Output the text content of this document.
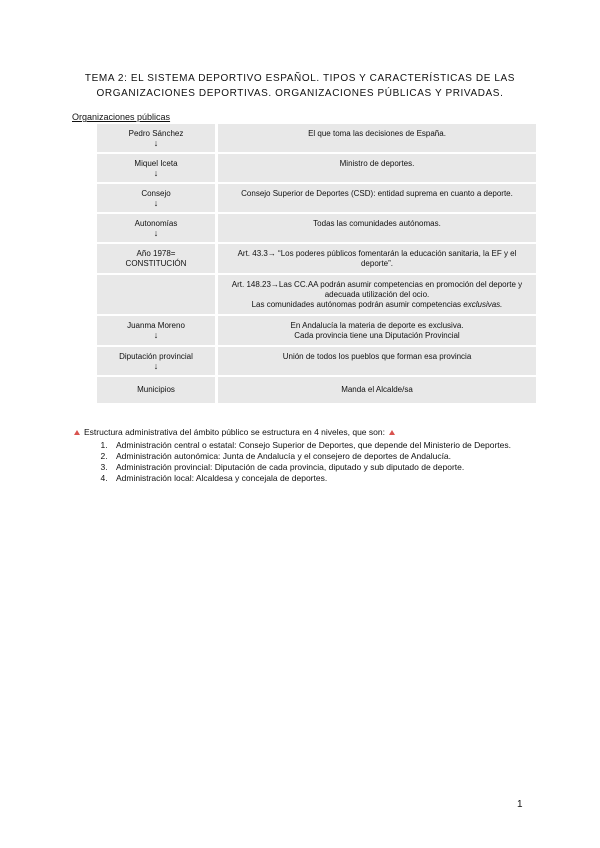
TEMA 2: EL SISTEMA DEPORTIVO ESPAÑOL. TIPOS Y CARACTERÍSTICAS DE LAS ORGANIZACIONES DEPORTIVAS. ORGANIZACIONES PÚBLICAS Y PRIVADAS.
Organizaciones públicas
Pedro Sánchez
↓	El que toma las decisiones de España.
Miquel Iceta
↓	Ministro de deportes.
Consejo
↓	Consejo Superior de Deportes (CSD): entidad suprema en cuanto a deporte.
Autonomías
↓	Todas las comunidades autónomas.

Año 1978=
CONSTITUCIÓN	Art. 43.3→ “Los poderes públicos fomentarán la educación sanitaria, la EF y el deporte”.

	Art. 148.23→Las CC.AA podrán asumir competencias en promoción del deporte y adecuada utilización del ocio.
Las comunidades autónomas podrán asumir competencias exclusivas.
Juanma Moreno
↓	En Andalucía la materia de deporte es exclusiva.
Cada provincia tiene una Diputación Provincial

Diputación provincial
↓	Unión de todos los pueblos que forman esa provincia
Municipios	Manda el Alcalde/sa
Estructura administrativa del ámbito público se estructura en 4 niveles, que son:
1. Administración central o estatal: Consejo Superior de Deportes, que depende del Ministerio de Deportes.
2. Administración autonómica: Junta de Andalucía y el consejero de deportes de Andalucía.
3. Administración provincial: Diputación de cada provincia, diputado y sub diputado de deporte.
4. Administración local: Alcaldesa y concejala de deportes.
1
